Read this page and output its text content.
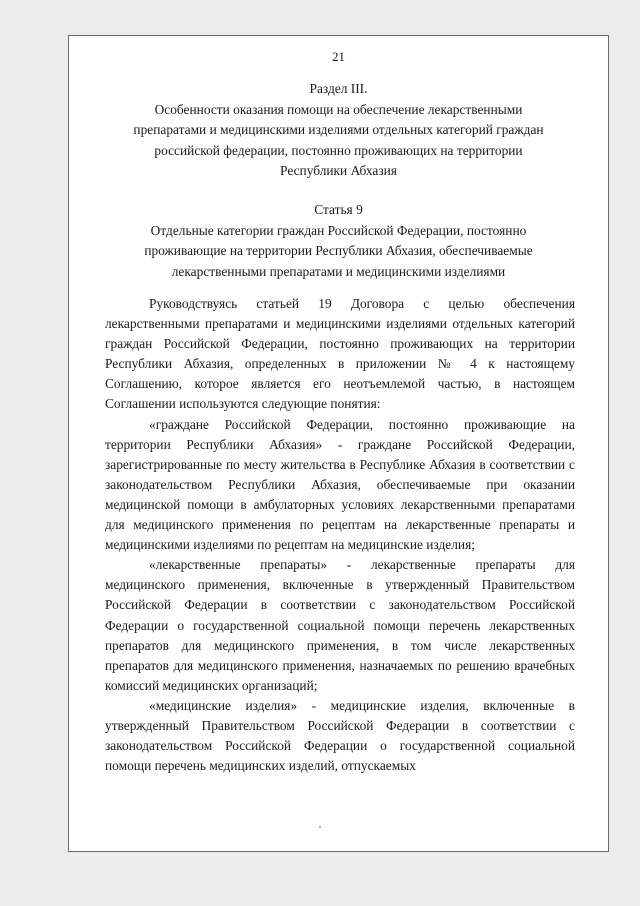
21
Раздел III.
Особенности оказания помощи на обеспечение лекарственными
препаратами и медицинскими изделиями отдельных категорий граждан
российской федерации, постоянно проживающих на территории
Республики Абхазия
Статья 9
Отдельные категории граждан Российской Федерации, постоянно
проживающие на территории Республики Абхазия, обеспечиваемые
лекарственными препаратами и медицинскими изделиями

Руководствуясь статьей 19 Договора с целью обеспечения лекарственными препаратами и медицинскими изделиями отдельных категорий граждан Российской Федерации, постоянно проживающих на территории Республики Абхазия, определенных в приложении № 4 к настоящему Соглашению, которое является его неотъемлемой частью, в настоящем Соглашении используются следующие понятия:

«граждане Российской Федерации, постоянно проживающие на территории Республики Абхазия» - граждане Российской Федерации, зарегистрированные по месту жительства в Республике Абхазия в соответствии с законодательством Республики Абхазия, обеспечиваемые при оказании медицинской помощи в амбулаторных условиях лекарственными препаратами для медицинского применения по рецептам на лекарственные препараты и медицинскими изделиями по рецептам на медицинские изделия;

«лекарственные препараты» - лекарственные препараты для медицинского применения, включенные в утвержденный Правительством Российской Федерации в соответствии с законодательством Российской Федерации о государственной социальной помощи перечень лекарственных препаратов для медицинского применения, в том числе лекарственных препаратов для медицинского применения, назначаемых по решению врачебных комиссий медицинских организаций;

«медицинские изделия» - медицинские изделия, включенные в утвержденный Правительством Российской Федерации в соответствии с законодательством Российской Федерации о государственной социальной помощи перечень медицинских изделий, отпускаемых
